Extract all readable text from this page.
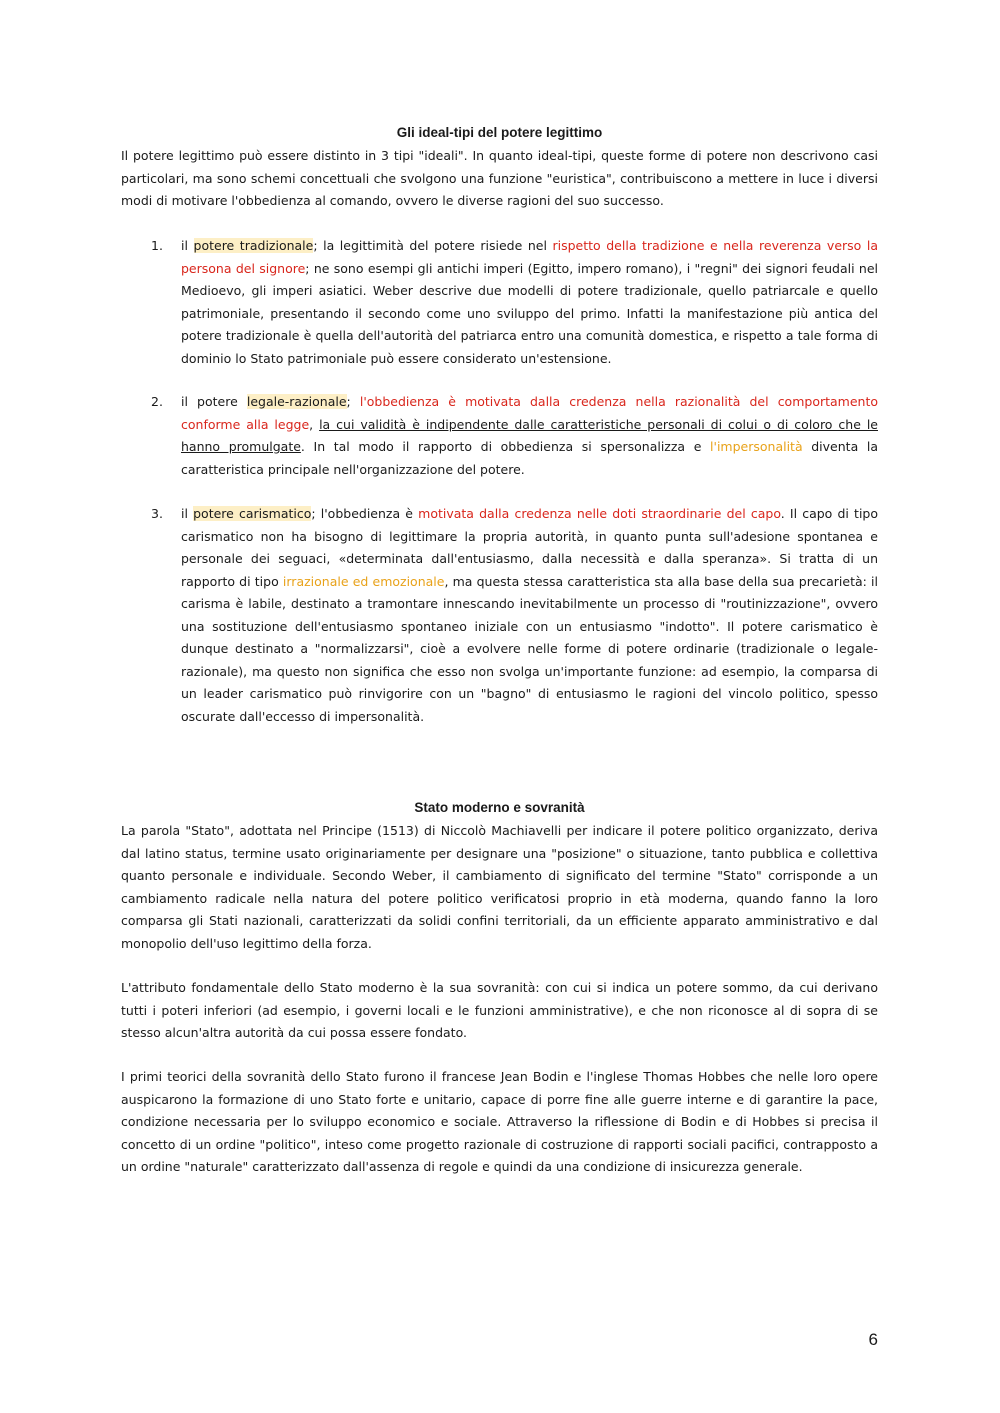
Gli ideal-tipi del potere legittimo
Il potere legittimo può essere distinto in 3 tipi "ideali". In quanto ideal-tipi, queste forme di potere non descrivono casi particolari, ma sono schemi concettuali che svolgono una funzione "euristica", contribuiscono a mettere in luce i diversi modi di motivare l'obbedienza al comando, ovvero le diverse ragioni del suo successo.
1.	il potere tradizionale; la legittimità del potere risiede nel rispetto della tradizione e nella reverenza verso la persona del signore; ne sono esempi gli antichi imperi (Egitto, impero romano), i "regni" dei signori feudali nel Medioevo, gli imperi asiatici. Weber descrive due modelli di potere tradizionale, quello patriarcale e quello patrimoniale, presentando il secondo come uno sviluppo del primo. Infatti la manifestazione più antica del potere tradizionale è quella dell'autorità del patriarca entro una comunità domestica, e rispetto a tale forma di dominio lo Stato patrimoniale può essere considerato un'estensione.
2.	il potere legale-razionale; l'obbedienza è motivata dalla credenza nella razionalità del comportamento conforme alla legge, la cui validità è indipendente dalle caratteristiche personali di colui o di coloro che le hanno promulgate. In tal modo il rapporto di obbedienza si spersonalizza e l'impersonalità diventa la caratteristica principale nell'organizzazione del potere.
3.	il potere carismatico; l'obbedienza è motivata dalla credenza nelle doti straordinarie del capo. Il capo di tipo carismatico non ha bisogno di legittimare la propria autorità, in quanto punta sull'adesione spontanea e personale dei seguaci, «determinata dall'entusiasmo, dalla necessità e dalla speranza». Si tratta di un rapporto di tipo irrazionale ed emozionale, ma questa stessa caratteristica sta alla base della sua precarietà: il carisma è labile, destinato a tramontare innescando inevitabilmente un processo di "routinizzazione", ovvero una sostituzione dell'entusiasmo spontaneo iniziale con un entusiasmo "indotto". Il potere carismatico è dunque destinato a "normalizzarsi", cioè a evolvere nelle forme di potere ordinarie (tradizionale o legale-razionale), ma questo non significa che esso non svolga un'importante funzione: ad esempio, la comparsa di un leader carismatico può rinvigorire con un "bagno" di entusiasmo le ragioni del vincolo politico, spesso oscurate dall'eccesso di impersonalità.
Stato moderno e sovranità
La parola "Stato", adottata nel Principe (1513) di Niccolò Machiavelli per indicare il potere politico organizzato, deriva dal latino status, termine usato originariamente per designare una "posizione" o situazione, tanto pubblica e collettiva quanto personale e individuale. Secondo Weber, il cambiamento di significato del termine "Stato" corrisponde a un cambiamento radicale nella natura del potere politico verificatosi proprio in età moderna, quando fanno la loro comparsa gli Stati nazionali, caratterizzati da solidi confini territoriali, da un efficiente apparato amministrativo e dal monopolio dell'uso legittimo della forza.
L'attributo fondamentale dello Stato moderno è la sua sovranità: con cui si indica un potere sommo, da cui derivano tutti i poteri inferiori (ad esempio, i governi locali e le funzioni amministrative), e che non riconosce al di sopra di se stesso alcun'altra autorità da cui possa essere fondato.
I primi teorici della sovranità dello Stato furono il francese Jean Bodin e l'inglese Thomas Hobbes che nelle loro opere auspicarono la formazione di uno Stato forte e unitario, capace di porre fine alle guerre interne e di garantire la pace, condizione necessaria per lo sviluppo economico e sociale. Attraverso la riflessione di Bodin e di Hobbes si precisa il concetto di un ordine "politico", inteso come progetto razionale di costruzione di rapporti sociali pacifici, contrapposto a un ordine "naturale" caratterizzato dall'assenza di regole e quindi da una condizione di insicurezza generale.
6
